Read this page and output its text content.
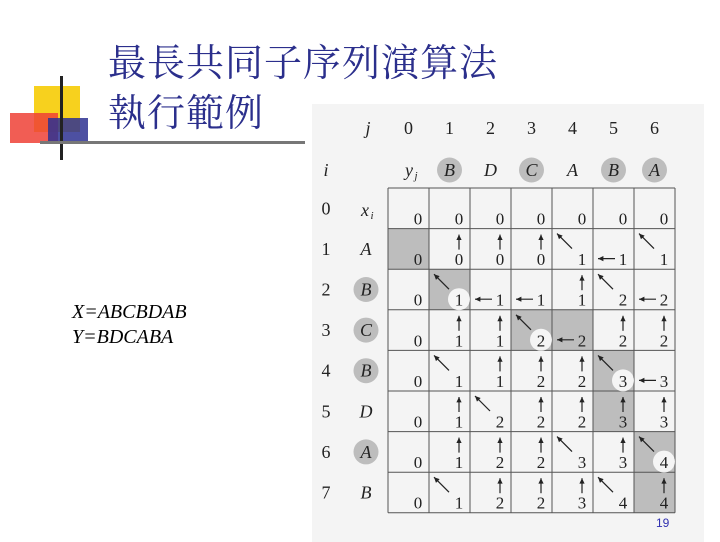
最長共同子序列演算法
執行範例
X=ABCBDAB
Y=BDCABA
j
i	y j
x i
0 1 2 3 4 5 6
B D C A B A
0
1
2
3
4
5
6
7
A
B
C
B
D
A
B
0 0 0 0 0 0 0
0 0 0 0 1 1 1
0 1 1 1 1 2 2
0 1 1 2 2 2 2
0 1 1 2 2 3 3
0 1 2 2 2 3 3
0 1 2 2 3 3 4
0 1 2 2 3 4 4
19
